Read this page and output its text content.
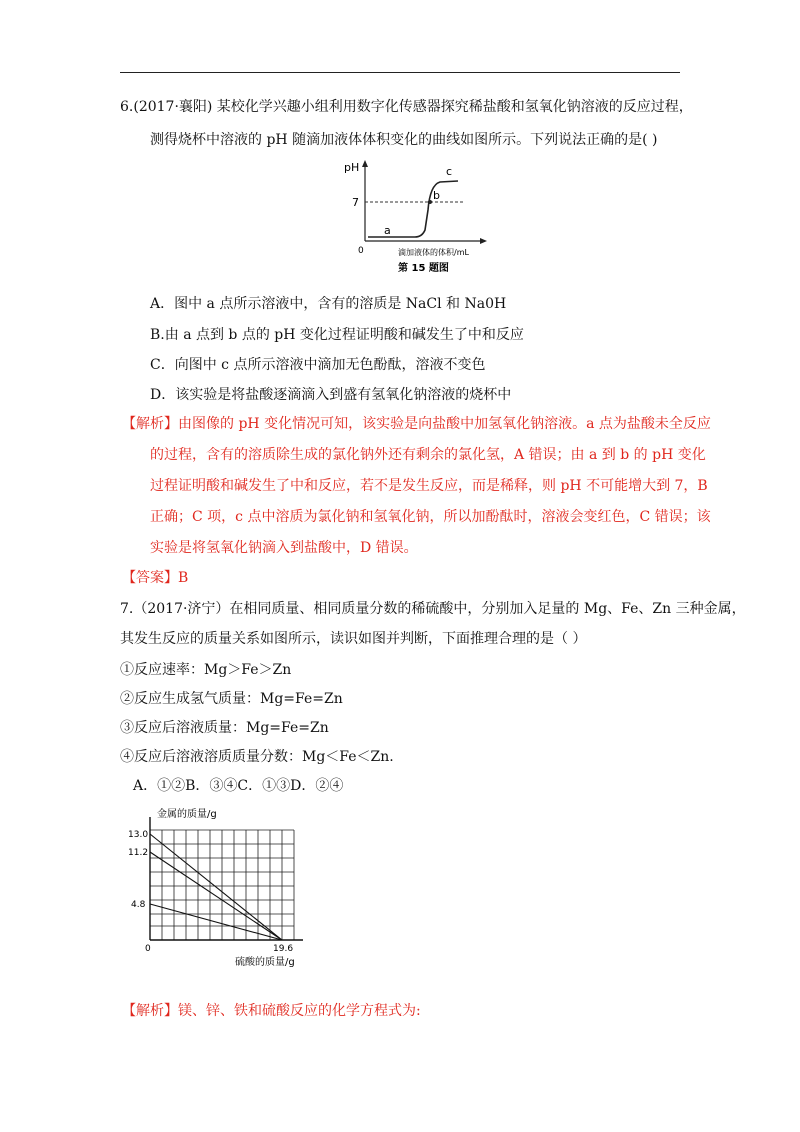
6.(2017·襄阳) 某校化学兴趣小组利用数字化传感器探究稀盐酸和氢氧化钠溶液的反应过程，
测得烧杯中溶液的 pH 随滴加液体体积变化的曲线如图所示。下列说法正确的是( )
pH
7
0
a
b
c
滴加液体的体积/mL
第 15 题图
A．图中 a 点所示溶液中，含有的溶质是 NaCl 和 Na0H
B.由 a 点到 b 点的 pH 变化过程证明酸和碱发生了中和反应
C．向图中 c 点所示溶液中滴加无色酚酞，溶液不变色
D．该实验是将盐酸逐滴滴入到盛有氢氧化钠溶液的烧杯中
【解析】由图像的 pH 变化情况可知，该实验是向盐酸中加氢氧化钠溶液。a 点为盐酸未全反应
的过程，含有的溶质除生成的氯化钠外还有剩余的氯化氢，A 错误；由 a 到 b 的 pH 变化
过程证明酸和碱发生了中和反应，若不是发生反应，而是稀释，则 pH 不可能增大到 7，B
正确；C 项，c 点中溶质为氯化钠和氢氧化钠，所以加酚酞时，溶液会变红色，C 错误；该
实验是将氢氧化钠滴入到盐酸中，D 错误。
【答案】B
7.（2017·济宁）在相同质量、相同质量分数的稀硫酸中，分别加入足量的 Mg、Fe、Zn 三种金属，
其发生反应的质量关系如图所示，读识如图并判断，下面推理合理的是（ ）
①反应速率：Mg＞Fe＞Zn
②反应生成氢气质量：Mg=Fe=Zn
③反应后溶液质量：Mg=Fe=Zn
④反应后溶液溶质质量分数：Mg＜Fe＜Zn.
A．①②B．③④C．①③D．②④
金属的质量/g
13.0
11.2
4.8
0	19.6
硫酸的质量/g
【解析】镁、锌、铁和硫酸反应的化学方程式为:
